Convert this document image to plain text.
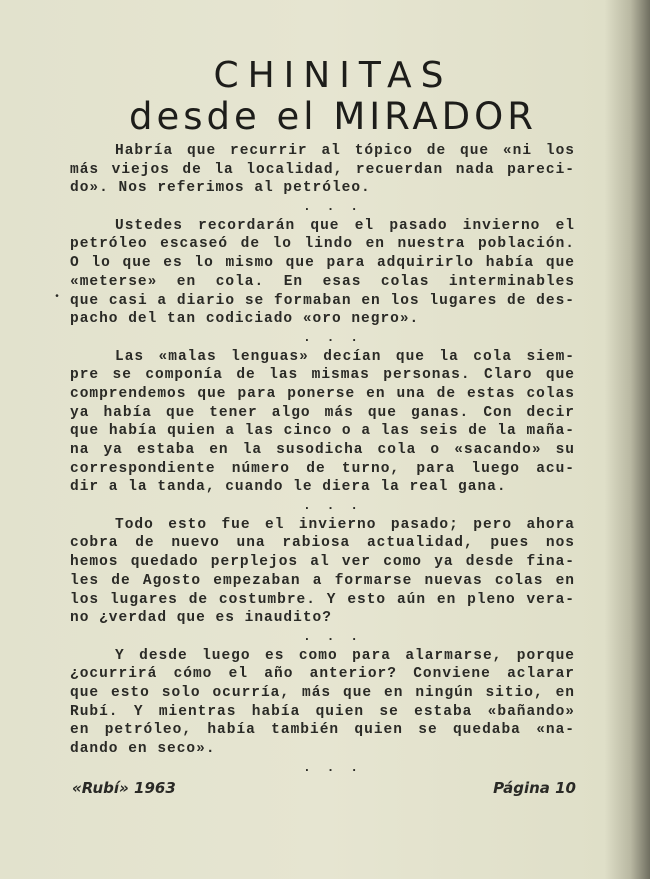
CHINITAS
desde el MIRADOR
Habría que recurrir al tópico de que «ni los
más viejos de la localidad, recuerdan nada pareci-
do». Nos referimos al petróleo.
. . .
Ustedes recordarán que el pasado invierno el
petróleo escaseó de lo lindo en nuestra población.
O lo que es lo mismo que para adquirirlo había que
«meterse» en cola. En esas colas interminables
que casi a diario se formaban en los lugares de des-
pacho del tan codiciado «oro negro».
. . .
Las «malas lenguas» decían que la cola siem-
pre se componía de las mismas personas. Claro que
comprendemos que para ponerse en una de estas colas
ya había que tener algo más que ganas. Con decir
que había quien a las cinco o a las seis de la maña-
na ya estaba en la susodicha cola o «sacando» su
correspondiente número de turno, para luego acu-
dir a la tanda, cuando le diera la real gana.
. . .
Todo esto fue el invierno pasado; pero ahora
cobra de nuevo una rabiosa actualidad, pues nos
hemos quedado perplejos al ver como ya desde fina-
les de Agosto empezaban a formarse nuevas colas en
los lugares de costumbre. Y esto aún en pleno vera-
no ¿verdad que es inaudito?
. . .
Y desde luego es como para alarmarse, porque
¿ocurrirá cómo el año anterior? Conviene aclarar
que esto solo ocurría, más que en ningún sitio, en
Rubí. Y mientras había quien se estaba «bañando»
en petróleo, había también quien se quedaba «na-
dando en seco».
. . .
•
«Rubí» 1963	Página 10
